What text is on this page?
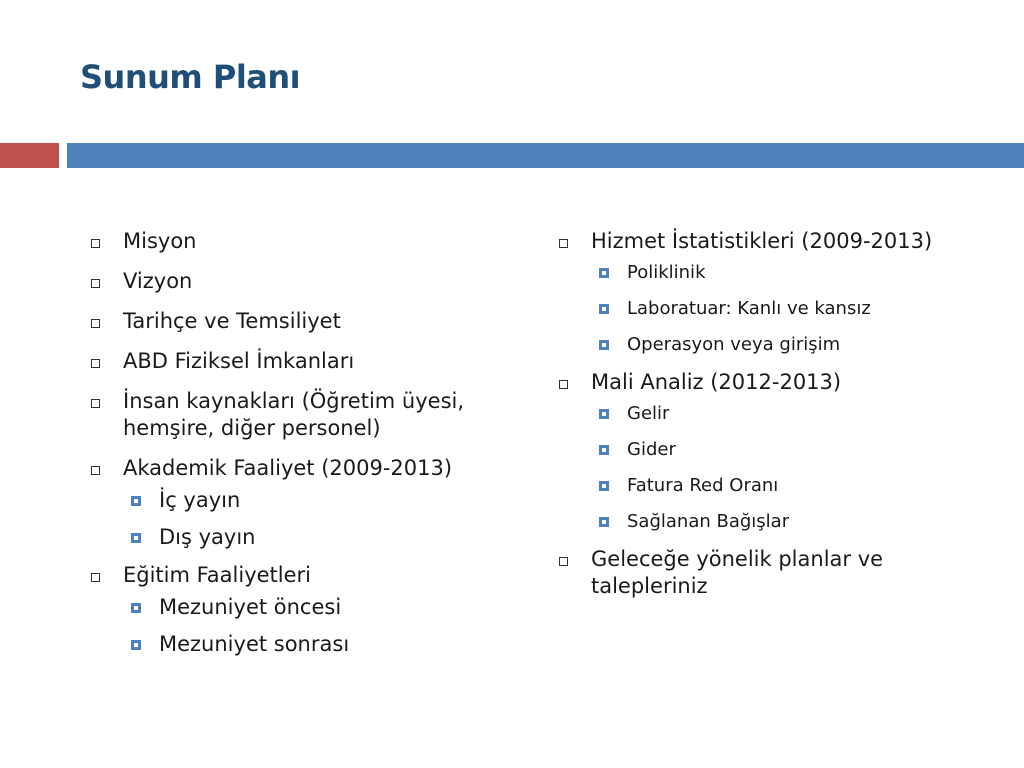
Sunum Planı
Misyon
Vizyon
Tarihçe ve Temsiliyet
ABD Fiziksel İmkanları
İnsan kaynakları (Öğretim üyesi, hemşire, diğer personel)
Akademik Faaliyet (2009-2013)
İç yayın
Dış yayın
Eğitim Faaliyetleri
Mezuniyet öncesi
Mezuniyet sonrası
Hizmet İstatistikleri (2009-2013)
Poliklinik
Laboratuar: Kanlı ve kansız
Operasyon veya girişim
Mali Analiz (2012-2013)
Gelir
Gider
Fatura Red Oranı
Sağlanan Bağışlar
Geleceğe yönelik planlar ve talepleriniz
